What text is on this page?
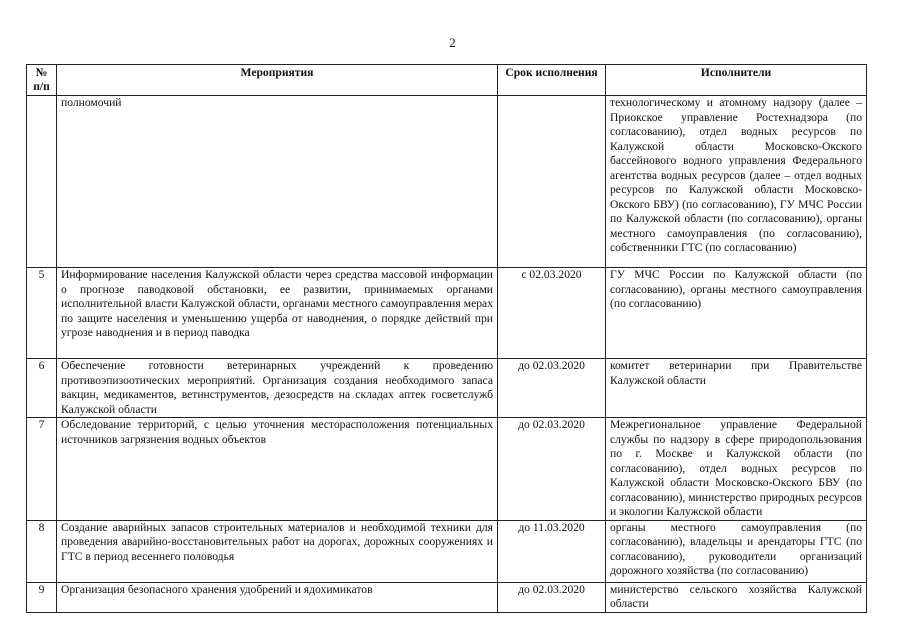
2
№ п/п	Мероприятия	Срок исполнения	Исполнители
	полномочий		технологическому и атомному надзору (далее – Приокское управление Ростехнадзора (по согласованию), отдел водных ресурсов по Калужской области Московско-Окского бассейнового водного управления Федерального агентства водных ресурсов (далее – отдел водных ресурсов по Калужской области Московско-Окского БВУ) (по согласованию), ГУ МЧС России по Калужской области (по согласованию), органы местного самоуправления (по согласованию), собственники ГТС (по согласованию)
5	Информирование населения Калужской области через средства массовой информации о прогнозе паводковой обстановки, ее развитии, принимаемых органами исполнительной власти Калужской области, органами местного самоуправления мерах по защите населения и уменьшению ущерба от наводнения, о порядке действий при угрозе наводнения и в период паводка	с 02.03.2020	ГУ МЧС России по Калужской области (по согласованию), органы местного самоуправления (по согласованию)
6	Обеспечение готовности ветеринарных учреждений к проведению противоэпизоотических мероприятий. Организация создания необходимого запаса вакцин, медикаментов, ветинструментов, дезосредств на складах аптек госветслужб Калужской области	до 02.03.2020	комитет ветеринарии при Правительстве Калужской области
7	Обследование территорий, с целью уточнения месторасположения потенциальных источников загрязнения водных объектов	до 02.03.2020	Межрегиональное управление Федеральной службы по надзору в сфере природопользования по г. Москве и Калужской области (по согласованию), отдел водных ресурсов по Калужской области Московско-Окского БВУ (по согласованию), министерство природных ресурсов и экологии Калужской области
8	Создание аварийных запасов строительных материалов и необходимой техники для проведения аварийно-восстановительных работ на дорогах, дорожных сооружениях и ГТС в период весеннего половодья	до 11.03.2020	органы местного самоуправления (по согласованию), владельцы и арендаторы ГТС (по согласованию), руководители организаций дорожного хозяйства (по согласованию)
9	Организация безопасного хранения удобрений и ядохимикатов	до 02.03.2020	министерство сельского хозяйства Калужской области
